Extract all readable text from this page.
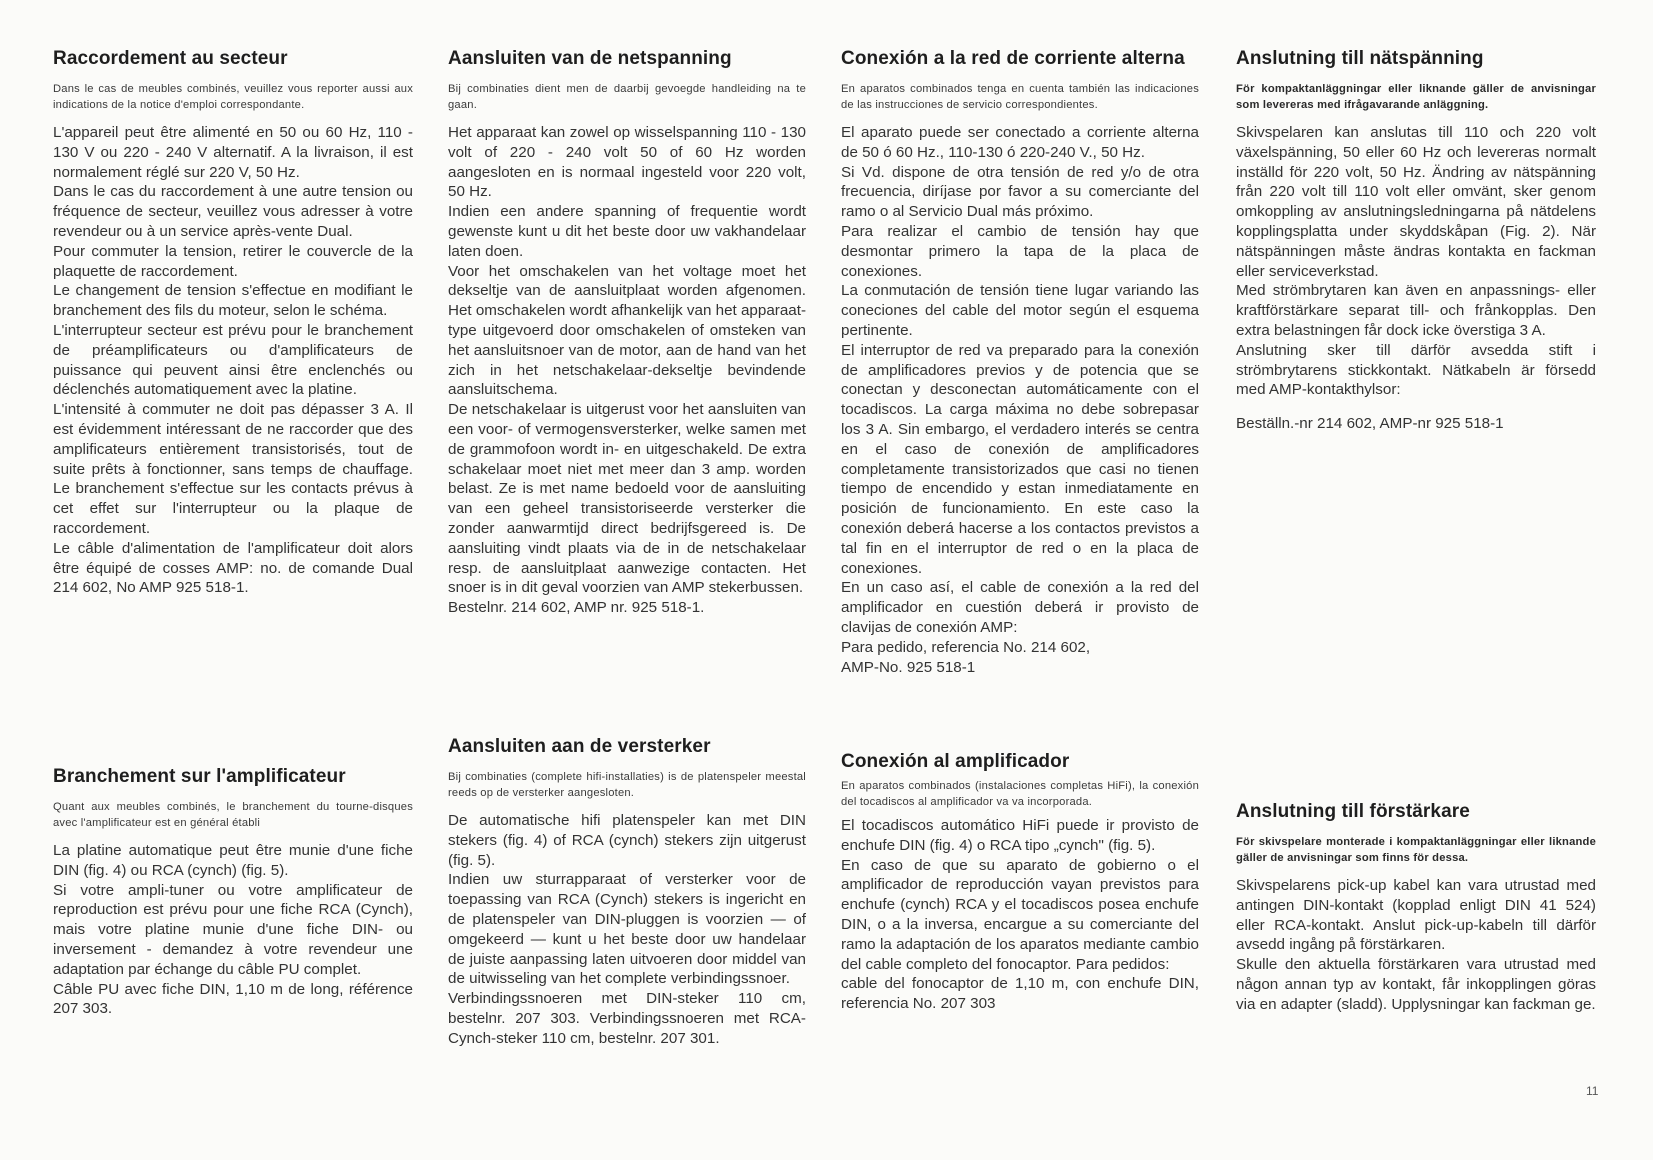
Raccordement au secteur
Dans le cas de meubles combinés, veuillez vous reporter aussi aux indications de la notice d'emploi correspondante.

L'appareil peut être alimenté en 50 ou 60 Hz, 110 - 130 V ou 220 - 240 V alternatif. A la livraison, il est normalement réglé sur 220 V, 50 Hz.

Dans le cas du raccordement à une autre tension ou fréquence de secteur, veuillez vous adresser à votre revendeur ou à un service après-vente Dual.

Pour commuter la tension, retirer le couvercle de la plaquette de raccordement.

Le changement de tension s'effectue en modifiant le branchement des fils du moteur, selon le schéma.

L'interrupteur secteur est prévu pour le branchement de préamplificateurs ou d'amplificateurs de puissance qui peuvent ainsi être enclenchés ou déclenchés automatiquement avec la platine.

L'intensité à commuter ne doit pas dépasser 3 A. Il est évidemment intéressant de ne raccorder que des amplificateurs entièrement transistorisés, tout de suite prêts à fonctionner, sans temps de chauffage. Le branchement s'effectue sur les contacts prévus à cet effet sur l'interrupteur ou la plaque de raccordement.

Le câble d'alimentation de l'amplificateur doit alors être équipé de cosses AMP: no. de comande Dual 214 602, No AMP 925 518-1.

Aansluiten van de netspanning
Bij combinaties dient men de daarbij gevoegde handleiding na te gaan.

Het apparaat kan zowel op wisselspanning 110 - 130 volt of 220 - 240 volt 50 of 60 Hz worden aangesloten en is normaal ingesteld voor 220 volt, 50 Hz.

Indien een andere spanning of frequentie wordt gewenste kunt u dit het beste door uw vakhandelaar laten doen.

Voor het omschakelen van het voltage moet het dekseltje van de aansluitplaat worden afgenomen. Het omschakelen wordt afhankelijk van het apparaat-type uitgevoerd door omschakelen of omsteken van het aansluitsnoer van de motor, aan de hand van het zich in het netschakelaar-dekseltje bevindende aansluitschema.

De netschakelaar is uitgerust voor het aansluiten van een voor- of vermogensversterker, welke samen met de grammofoon wordt in- en uitgeschakeld. De extra schakelaar moet niet met meer dan 3 amp. worden belast. Ze is met name bedoeld voor de aansluiting van een geheel transistoriseerde versterker die zonder aanwarmtijd direct bedrijfsgereed is. De aansluiting vindt plaats via de in de netschakelaar resp. de aansluitplaat aanwezige contacten. Het snoer is in dit geval voorzien van AMP stekerbussen.

Bestelnr. 214 602, AMP nr. 925 518-1.

Conexión a la red de corriente alterna
En aparatos combinados tenga en cuenta también las indicaciones de las instrucciones de servicio correspondientes.

El aparato puede ser conectado a corriente alterna de 50 ó 60 Hz., 110-130 ó 220-240 V., 50 Hz.

Si Vd. dispone de otra tensión de red y/o de otra frecuencia, diríjase por favor a su comerciante del ramo o al Servicio Dual más próximo.

Para realizar el cambio de tensión hay que desmontar primero la tapa de la placa de conexiones.

La conmutación de tensión tiene lugar variando las coneciones del cable del motor según el esquema pertinente.

El interruptor de red va preparado para la conexión de amplificadores previos y de potencia que se conectan y desconectan automáticamente con el tocadiscos. La carga máxima no debe sobrepasar los 3 A. Sin embargo, el verdadero interés se centra en el caso de conexión de amplificadores completamente transistorizados que casi no tienen tiempo de encendido y estan inmediatamente en posición de funcionamiento. En este caso la conexión deberá hacerse a los contactos previstos a tal fin en el interruptor de red o en la placa de conexiones.

En un caso así, el cable de conexión a la red del amplificador en cuestión deberá ir provisto de clavijas de conexión AMP:

Para pedido, referencia No. 214 602,

AMP-No. 925 518-1

Anslutning till nätspänning
För kompaktanläggningar eller liknande gäller de anvisningar som levereras med ifrågavarande anläggning.

Skivspelaren kan anslutas till 110 och 220 volt växelspänning, 50 eller 60 Hz och levereras normalt inställd för 220 volt, 50 Hz. Ändring av nätspänning från 220 volt till 110 volt eller omvänt, sker genom omkoppling av anslutningsledningarna på nätdelens kopplingsplatta under skyddskåpan (Fig. 2). När nätspänningen måste ändras kontakta en fackman eller serviceverkstad.

Med strömbrytaren kan även en anpassnings- eller kraftförstärkare separat till- och frånkopplas. Den extra belastningen får dock icke överstiga 3 A.

Anslutning sker till därför avsedda stift i strömbrytarens stickkontakt. Nätkabeln är försedd med AMP-kontakthylsor:

Beställn.-nr 214 602, AMP-nr 925 518-1

Branchement sur l'amplificateur
Quant aux meubles combinés, le branchement du tourne-disques avec l'amplificateur est en général établi

La platine automatique peut être munie d'une fiche DIN (fig. 4) ou RCA (cynch) (fig. 5).

Si votre ampli-tuner ou votre amplificateur de reproduction est prévu pour une fiche RCA (Cynch), mais votre platine munie d'une fiche DIN- ou inversement - demandez à votre revendeur une adaptation par échange du câble PU complet.

Câble PU avec fiche DIN, 1,10 m de long, référence 207 303.

Aansluiten aan de versterker
Bij combinaties (complete hifi-installaties) is de platenspeler meestal reeds op de versterker aangesloten.

De automatische hifi platenspeler kan met DIN stekers (fig. 4) of RCA (cynch) stekers zijn uitgerust (fig. 5).

Indien uw sturrapparaat of versterker voor de toepassing van RCA (Cynch) stekers is ingericht en de platenspeler van DIN-pluggen is voorzien — of omgekeerd — kunt u het beste door uw handelaar de juiste aanpassing laten uitvoeren door middel van de uitwisseling van het complete verbindingssnoer.

Verbindingssnoeren met DIN-steker 110 cm, bestelnr. 207 303. Verbindingssnoeren met RCA-Cynch-steker 110 cm, bestelnr. 207 301.

Conexión al amplificador
En aparatos combinados (instalaciones completas HiFi), la conexión del tocadiscos al amplificador va va incorporada.

El tocadiscos automático HiFi puede ir provisto de enchufe DIN (fig. 4) o RCA tipo „cynch" (fig. 5).

En caso de que su aparato de gobierno o el amplificador de reproducción vayan previstos para enchufe (cynch) RCA y el tocadiscos posea enchufe DIN, o a la inversa, encargue a su comerciante del ramo la adaptación de los aparatos mediante cambio del cable completo del fonocaptor. Para pedidos:

cable del fonocaptor de 1,10 m, con enchufe DIN, referencia No. 207 303

Anslutning till förstärkare
För skivspelare monterade i kompaktanläggningar eller liknande gäller de anvisningar som finns för dessa.

Skivspelarens pick-up kabel kan vara utrustad med antingen DIN-kontakt (kopplad enligt DIN 41 524) eller RCA-kontakt. Anslut pick-up-kabeln till därför avsedd ingång på förstärkaren.

Skulle den aktuella förstärkaren vara utrustad med någon annan typ av kontakt, får inkopplingen göras via en adapter (sladd). Upplysningar kan fackman ge.

11
